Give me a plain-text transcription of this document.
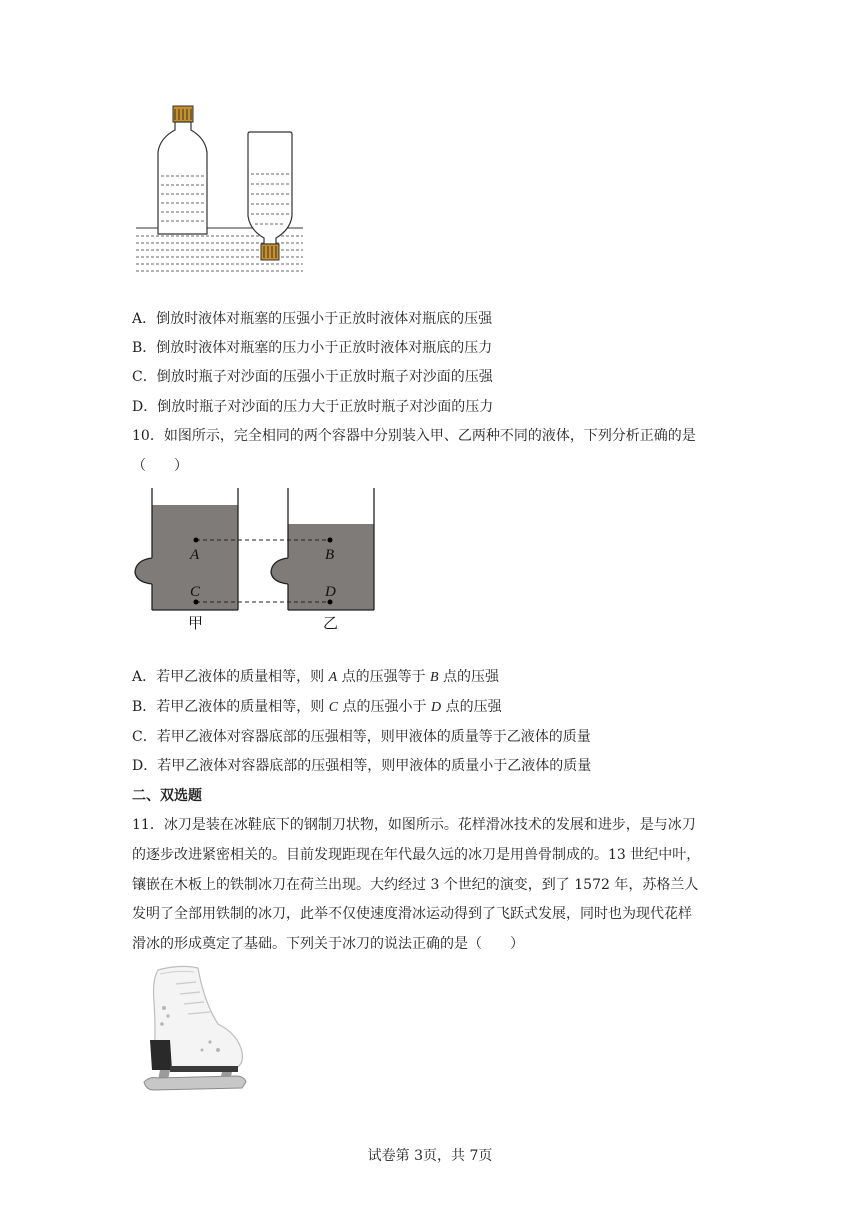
A．倒放时液体对瓶塞的压强小于正放时液体对瓶底的压强
B．倒放时液体对瓶塞的压力小于正放时液体对瓶底的压力
C．倒放时瓶子对沙面的压强小于正放时瓶子对沙面的压强
D．倒放时瓶子对沙面的压力大于正放时瓶子对沙面的压力
10．如图所示，完全相同的两个容器中分别装入甲、乙两种不同的液体，下列分析正确的是
（　　）
A	B
C	D
甲	乙
A．若甲乙液体的质量相等，则 A 点的压强等于 B 点的压强
B．若甲乙液体的质量相等，则 C 点的压强小于 D 点的压强
C．若甲乙液体对容器底部的压强相等，则甲液体的质量等于乙液体的质量
D．若甲乙液体对容器底部的压强相等，则甲液体的质量小于乙液体的质量
二、双选题
11．冰刀是装在冰鞋底下的钢制刀状物，如图所示。花样滑冰技术的发展和进步，是与冰刀
的逐步改进紧密相关的。目前发现距现在年代最久远的冰刀是用兽骨制成的。13 世纪中叶，
镶嵌在木板上的铁制冰刀在荷兰出现。大约经过 3 个世纪的演变，到了 1572 年，苏格兰人
发明了全部用铁制的冰刀，此举不仅使速度滑冰运动得到了飞跃式发展，同时也为现代花样
滑冰的形成奠定了基础。下列关于冰刀的说法正确的是（　　）
试卷第 3页，共 7页
